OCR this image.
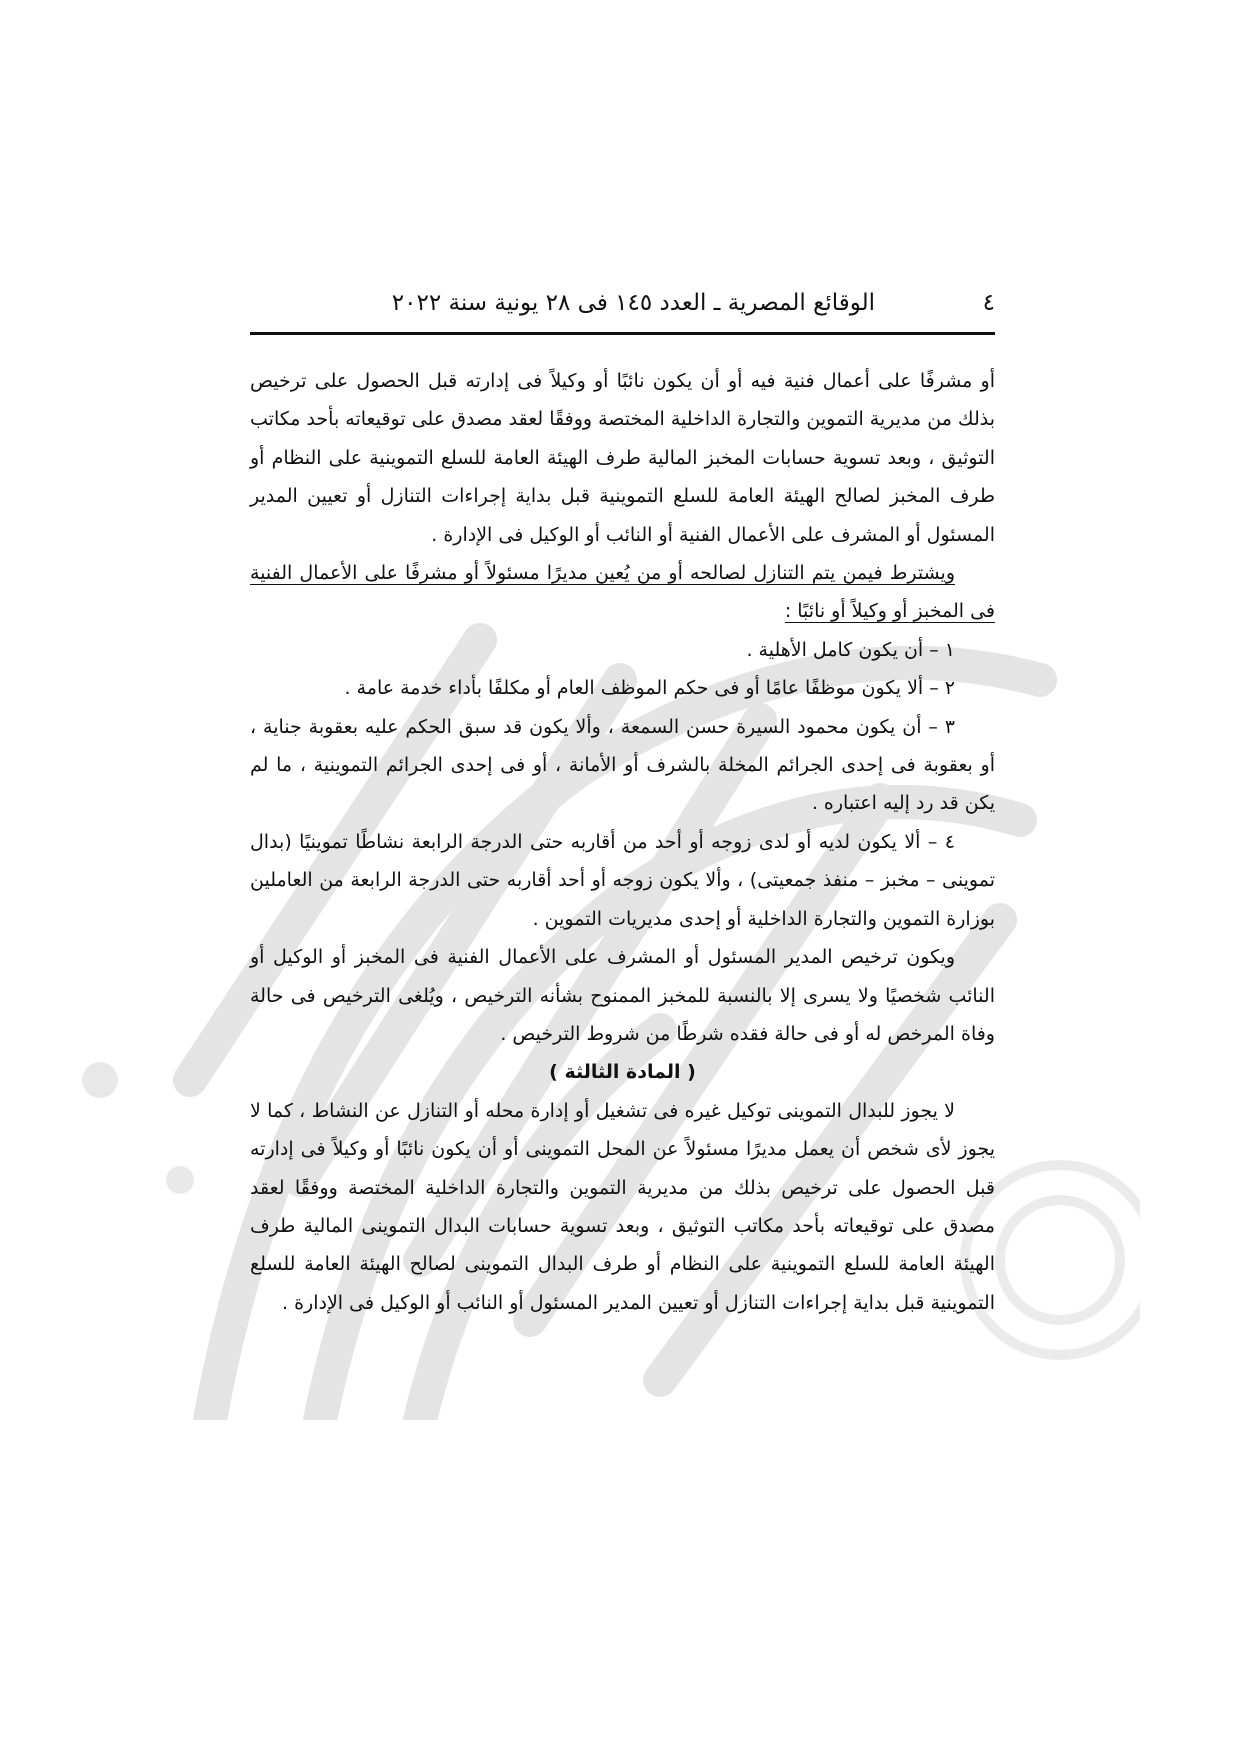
٤
الوقائع المصرية ـ العدد ١٤٥ فى ٢٨ يونية سنة ٢٠٢٢

أو مشرفًا على أعمال فنية فيه أو أن يكون نائبًا أو وكيلاً فى إدارته قبل الحصول على ترخيص بذلك من مديرية التموين والتجارة الداخلية المختصة ووفقًا لعقد مصدق على توقيعاته بأحد مكاتب التوثيق ، وبعد تسوية حسابات المخبز المالية طرف الهيئة العامة للسلع التموينية على النظام أو طرف المخبز لصالح الهيئة العامة للسلع التموينية قبل بداية إجراءات التنازل أو تعيين المدير المسئول أو المشرف على الأعمال الفنية أو النائب أو الوكيل فى الإدارة .

ويشترط فيمن يتم التنازل لصالحه أو من يُعين مديرًا مسئولاً أو مشرفًا على الأعمال الفنية فى المخبز أو وكيلاً أو نائبًا :

١ – أن يكون كامل الأهلية .

٢ – ألا يكون موظفًا عامًا أو فى حكم الموظف العام أو مكلفًا بأداء خدمة عامة .

٣ – أن يكون محمود السيرة حسن السمعة ، وألا يكون قد سبق الحكم عليه بعقوبة جناية ، أو بعقوبة فى إحدى الجرائم المخلة بالشرف أو الأمانة ، أو فى إحدى الجرائم التموينية ، ما لم يكن قد رد إليه اعتباره .

٤ – ألا يكون لديه أو لدى زوجه أو أحد من أقاربه حتى الدرجة الرابعة نشاطًا تموينيًا (بدال تموينى – مخبز – منفذ جمعيتى) ، وألا يكون زوجه أو أحد أقاربه حتى الدرجة الرابعة من العاملين بوزارة التموين والتجارة الداخلية أو إحدى مديريات التموين .

ويكون ترخيص المدير المسئول أو المشرف على الأعمال الفنية فى المخبز أو الوكيل أو النائب شخصيًا ولا يسرى إلا بالنسبة للمخبز الممنوح بشأنه الترخيص ، ويُلغى الترخيص فى حالة وفاة المرخص له أو فى حالة فقده شرطًا من شروط الترخيص .

( المادة الثالثة )

لا يجوز للبدال التموينى توكيل غيره فى تشغيل أو إدارة محله أو التنازل عن النشاط ، كما لا يجوز لأى شخص أن يعمل مديرًا مسئولاً عن المحل التموينى أو أن يكون نائبًا أو وكيلاً فى إدارته قبل الحصول على ترخيص بذلك من مديرية التموين والتجارة الداخلية المختصة ووفقًا لعقد مصدق على توقيعاته بأحد مكاتب التوثيق ، وبعد تسوية حسابات البدال التموينى المالية طرف الهيئة العامة للسلع التموينية على النظام أو طرف البدال التموينى لصالح الهيئة العامة للسلع التموينية قبل بداية إجراءات التنازل أو تعيين المدير المسئول أو النائب أو الوكيل فى الإدارة .
